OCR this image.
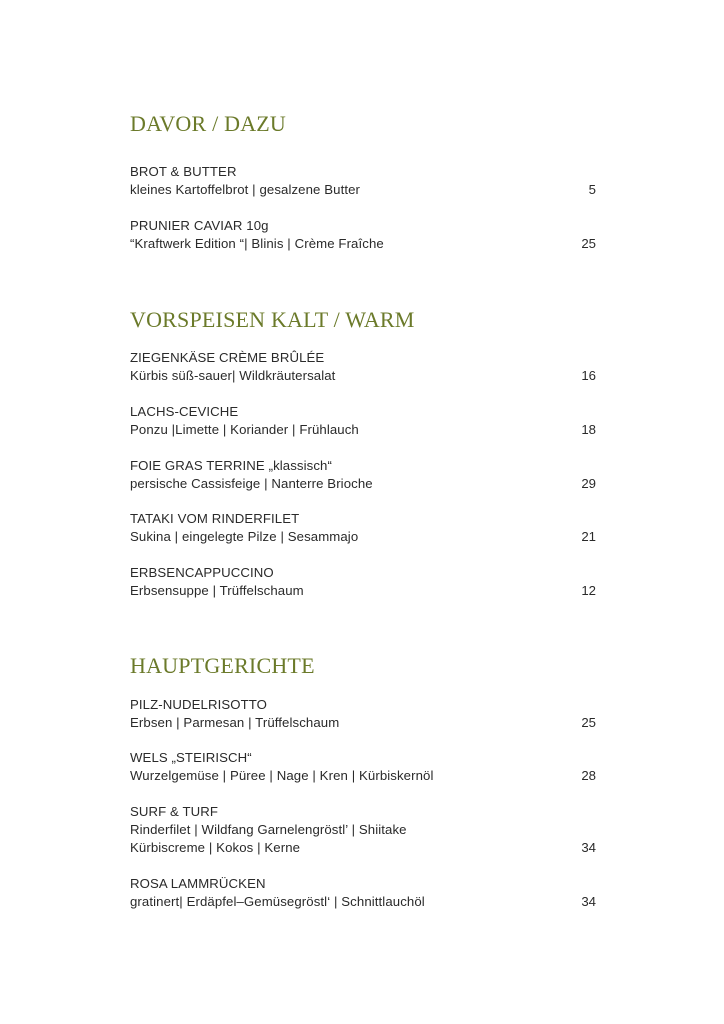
DAVOR / DAZU
BROT & BUTTER
kleines Kartoffelbrot | gesalzene Butter	5
PRUNIER CAVIAR 10g
“Kraftwerk Edition “| Blinis | Crème Fraîche	25
VORSPEISEN KALT / WARM
ZIEGENKÄSE CRÈME BRÛLÉE
Kürbis süß-sauer| Wildkräutersalat	16
LACHS-CEVICHE
Ponzu |Limette | Koriander | Frühlauch	18
FOIE GRAS TERRINE „klassisch“
persische Cassisfeige | Nanterre Brioche	29
TATAKI VOM RINDERFILET
Sukina | eingelegte Pilze | Sesammajo	21
ERBSENCAPPUCCINO
Erbsensuppe | Trüffelschaum	12
HAUPTGERICHTE
PILZ-NUDELRISOTTO
Erbsen | Parmesan | Trüffelschaum	25
WELS „STEIRISCH“
Wurzelgemüse | Püree | Nage | Kren | Kürbiskernöl	28
SURF & TURF
Rinderfilet | Wildfang Garnelengröstl’ | Shiitake
Kürbiscreme | Kokos | Kerne	34
ROSA LAMMRÜCKEN
gratinert| Erdäpfel–Gemüsegröstl‘ | Schnittlauchöl	34
